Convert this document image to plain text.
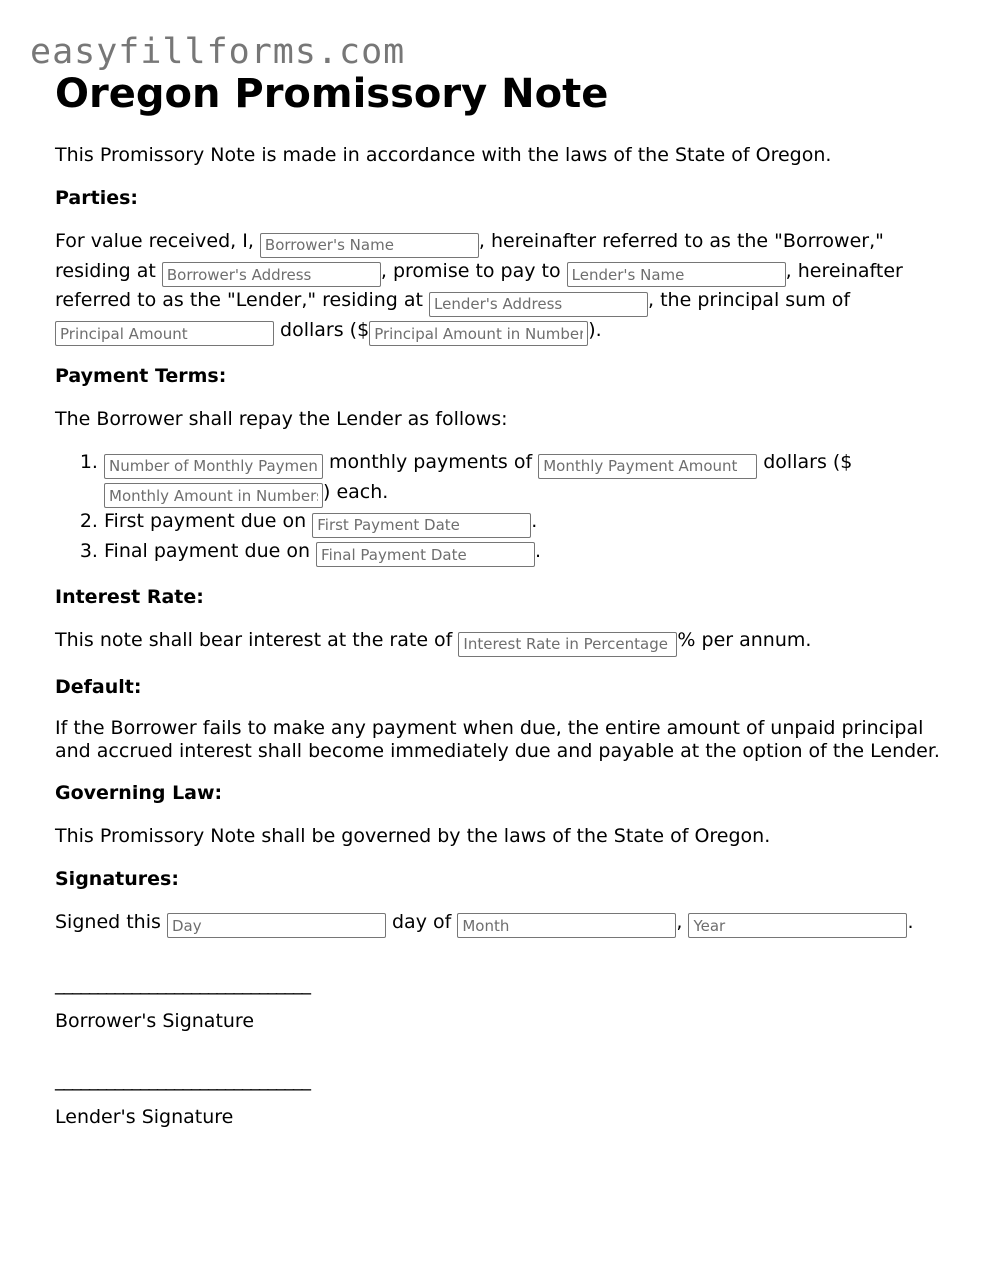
easyfillforms.com
Oregon Promissory Note

This Promissory Note is made in accordance with the laws of the State of Oregon.

Parties:

For value received, I, Borrower's Name	, hereinafter referred to as the "Borrower," residing at Borrower's Address	, promise to pay to Lender's Name	, hereinafter referred to as the "Lender," residing at Lender's Address	, the principal sum of Principal Amount dollars ($Principal Amount in Numbers	).

Payment Terms:

The Borrower shall repay the Lender as follows:

Number of Monthly Payments 1. monthly payments of Monthly Payment Amount	dollars ($ Monthly Amount in Numbers) each.
2. First payment due on First Payment Date	.
3. Final payment due on Final Payment Date	.
Interest Rate:

This note shall bear interest at the rate of Interest Rate in Percentage	% per annum.

Default:

If the Borrower fails to make any payment when due, the entire amount of unpaid principal and accrued interest shall become immediately due and payable at the option of the Lender.

Governing Law:

This Promissory Note shall be governed by the laws of the State of Oregon.

Signatures:

Signed this Day	day of Month	, Year	.

______________________________
Borrower's Signature
______________________________
Lender's Signature
